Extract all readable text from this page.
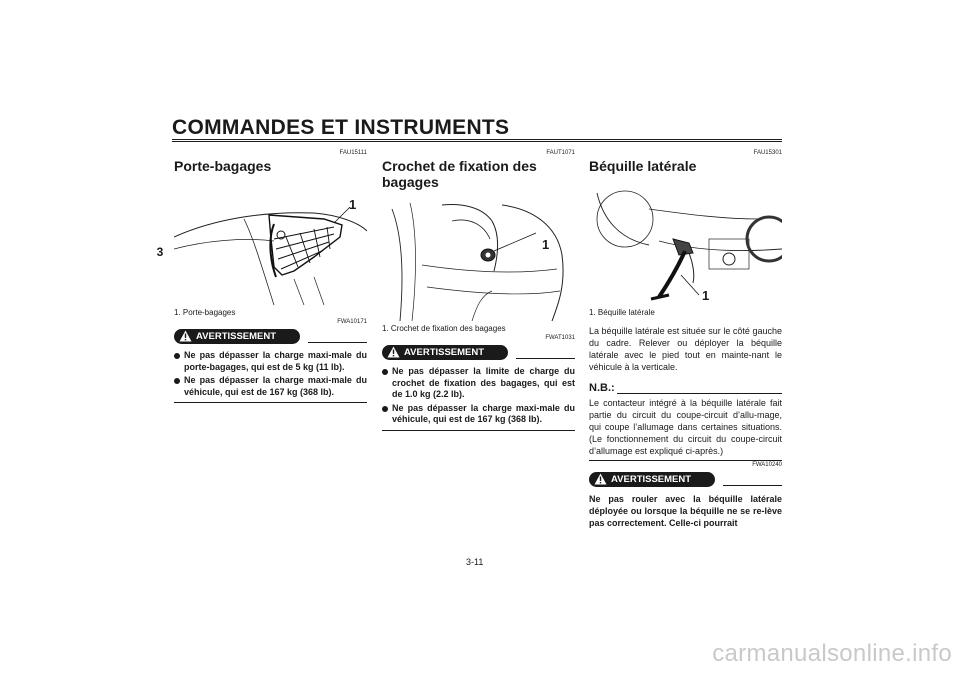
COMMANDES ET INSTRUMENTS
3
FAU15111
Porte-bagages
1
1. Porte-bagages
FWA10171
AVERTISSEMENT
Ne pas dépasser la charge maxi-male du porte-bagages, qui est de 5 kg (11 lb).
Ne pas dépasser la charge maxi-male du véhicule, qui est de 167 kg (368 lb).
FAUT1071
Crochet de fixation des bagages
1
1. Crochet de fixation des bagages
FWAT1031
AVERTISSEMENT
Ne pas dépasser la limite de charge du crochet de fixation des bagages, qui est de 1.0 kg (2.2 lb).
Ne pas dépasser la charge maxi-male du véhicule, qui est de 167 kg (368 lb).
FAU15301
Béquille latérale
1
1. Béquille latérale
La béquille latérale est située sur le côté gauche du cadre. Relever ou déployer la béquille latérale avec le pied tout en mainte-nant le véhicule à la verticale.
N.B.:
Le contacteur intégré à la béquille latérale fait partie du circuit du coupe-circuit d’allu-mage, qui coupe l’allumage dans certaines situations. (Le fonctionnement du circuit du coupe-circuit d’allumage est expliqué ci-après.)
FWA10240
AVERTISSEMENT
Ne pas rouler avec la béquille latérale déployée ou lorsque la béquille ne se re-lève pas correctement. Celle-ci pourrait
3-11
carmanualsonline.info
